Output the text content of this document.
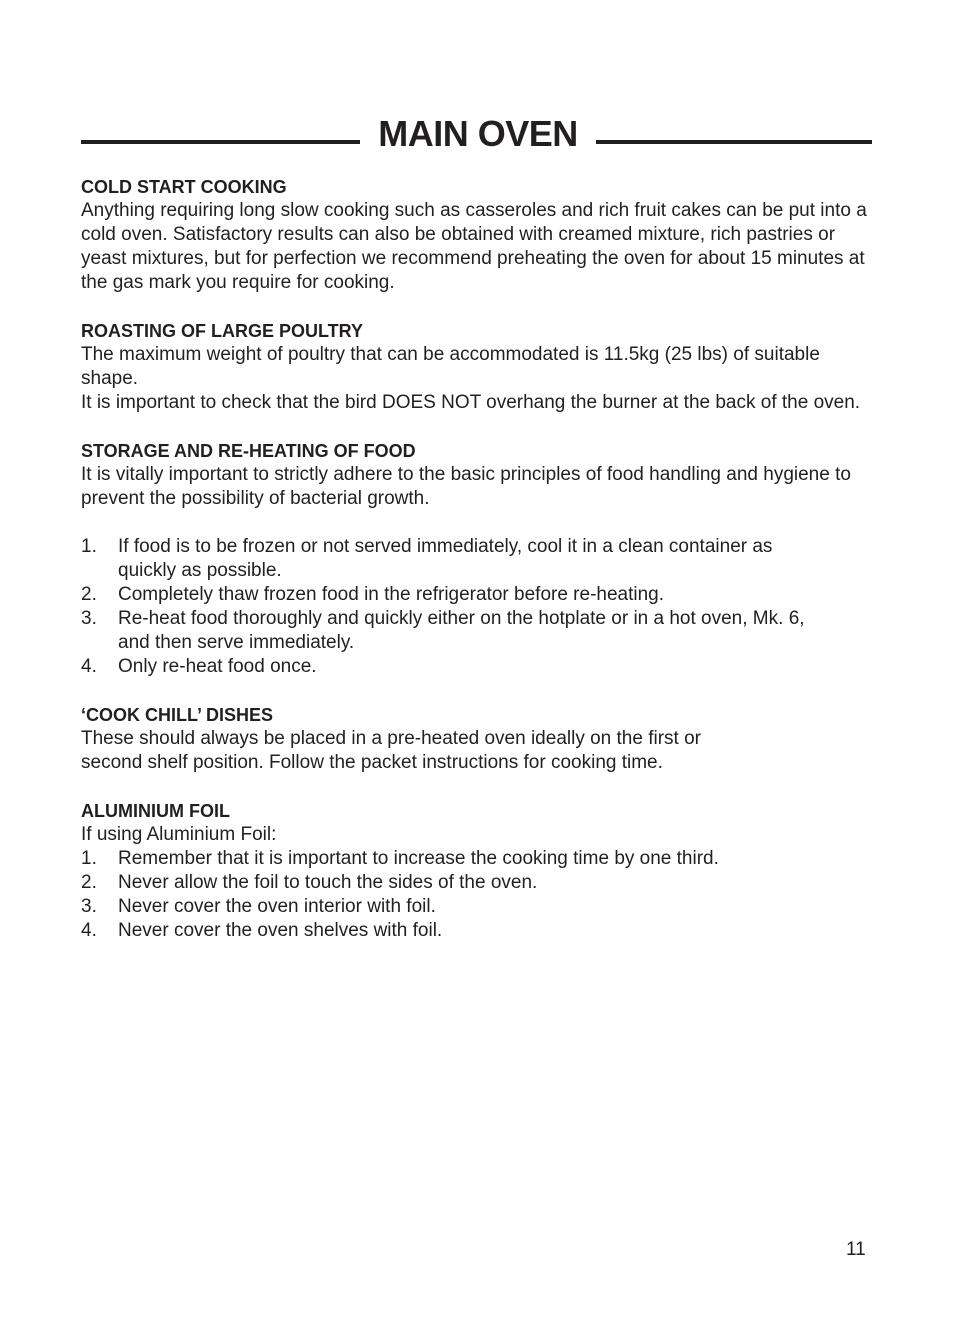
MAIN OVEN
COLD START COOKING

Anything requiring long slow cooking such as casseroles and rich fruit cakes can be put into a cold oven. Satisfactory results can also be obtained with creamed mixture, rich pastries or yeast mixtures, but for perfection we recommend preheating the oven for about 15 minutes at the gas mark you require for cooking.

ROASTING OF LARGE POULTRY

The maximum weight of poultry that can be accommodated is 11.5kg (25 lbs) of suitable shape.

It is important to check that the bird DOES NOT overhang the burner at the back of the oven.

STORAGE AND RE-HEATING OF FOOD

It is vitally important to strictly adhere to the basic principles of food handling and hygiene to prevent the possibility of bacterial growth.

1.	If food is to be frozen or not served immediately, cool it in a clean container as quickly as possible.
2.	Completely thaw frozen food in the refrigerator before re-heating.
3.	Re-heat food thoroughly and quickly either on the hotplate or in a hot oven, Mk. 6, and then serve immediately.
4.	Only re-heat food once.
‘COOK CHILL’ DISHES

These should always be placed in a pre-heated oven ideally on the first or second shelf position. Follow the packet instructions for cooking time.

ALUMINIUM FOIL

If using Aluminium Foil:

1.	Remember that it is important to increase the cooking time by one third.
2.	Never allow the foil to touch the sides of the oven.
3.	Never cover the oven interior with foil.
4.	Never cover the oven shelves with foil.
11
